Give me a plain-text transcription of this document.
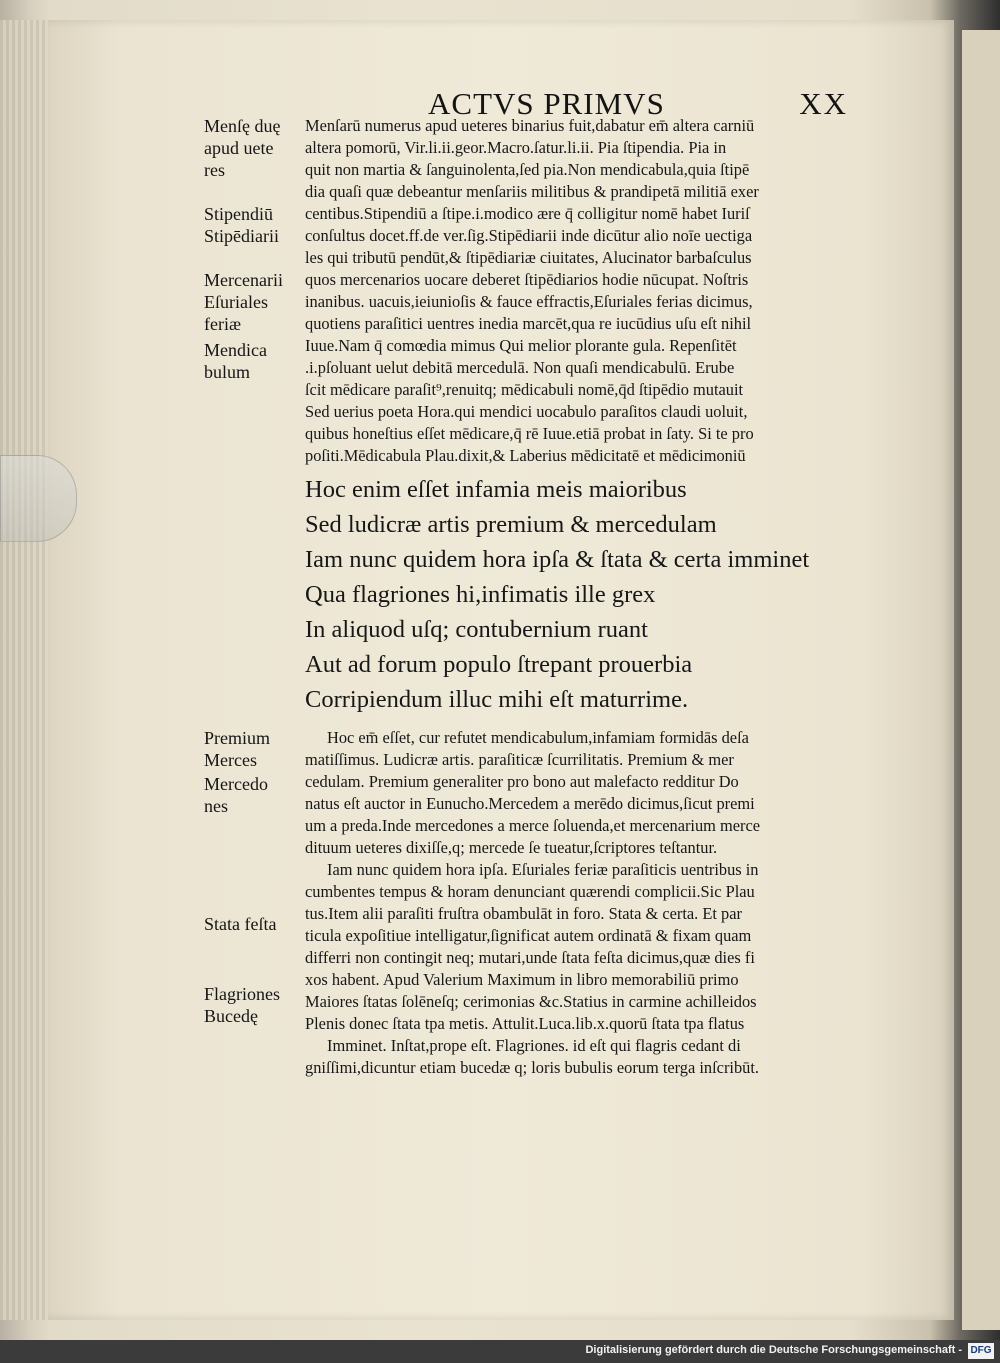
ACTVS PRIMVS	XX
Menſę duę
apud uete
res
Stipendiū
Stipēdiarii
Mercenarii
Eſuriales
feriæ
Mendica
bulum
Premium
Merces
Mercedo
nes
Stata feſta
Flagriones
Bucedę
Menſarū numerus apud ueteres binarius fuit,dabatur em̄ altera carniū
altera pomorū, Vir.li.ii.geor.Macro.ſatur.li.ii. Pia ſtipendia. Pia in
quit non martia & ſanguinolenta,ſed pia.Non mendicabula,quia ſtipē
dia quaſi quæ debeantur menſariis militibus & prandipetā militiā exer
centibus.Stipendiū a ſtipe.i.modico ære q̄ colligitur nomē habet Iuriſ
conſultus docet.ff.de ver.ſig.Stipēdiarii inde dicūtur alio noīe uectiga
les qui tributū pendūt,& ſtipēdiariæ ciuitates, Alucinator barbaſculus
quos mercenarios uocare deberet ſtipēdiarios hodie nūcupat. Noſtris
inanibus. uacuis,ieiunioſis & fauce effractis,Eſuriales ferias dicimus,
quotiens paraſitici uentres inedia marcēt,qua re iucūdius uſu eſt nihil
Iuue.Nam q̄ comœdia mimus Qui melior plorante gula. Repenſitēt
.i.pſoluant uelut debitā mercedulā. Non quaſi mendicabulū. Erube
ſcit mēdicare paraſit⁹,renuitq; mēdicabuli nomē,q̄d ſtipēdio mutauit
Sed uerius poeta Hora.qui mendici uocabulo paraſitos claudi uoluit,
quibus honeſtius eſſet mēdicare,q̄ rē Iuue.etiā probat in ſaty. Si te pro
poſiti.Mēdicabula Plau.dixit,& Laberius mēdicitatē et mēdicimoniū
Hoc enim eſſet infamia meis maioribus
Sed ludicræ artis premium & mercedulam
Iam nunc quidem hora ipſa & ſtata & certa imminet
Qua flagriones hi,infimatis ille grex
In aliquod uſq; contubernium ruant
Aut ad forum populo ſtrepant prouerbia
Corripiendum illuc mihi eſt maturrime.
Hoc em̄ eſſet, cur refutet mendicabulum,infamiam formidās deſa
matiſſimus. Ludicræ artis. paraſiticæ ſcurrilitatis. Premium & mer
cedulam. Premium generaliter pro bono aut malefacto redditur Do
natus eſt auctor in Eunucho.Mercedem a merēdo dicimus,ſicut premi
um a preda.Inde mercedones a merce ſoluenda,et mercenarium merce
dituum ueteres dixiſſe,q; mercede ſe tueatur,ſcriptores teſtantur.
Iam nunc quidem hora ipſa. Eſuriales feriæ paraſiticis uentribus in
cumbentes tempus & horam denunciant quærendi complicii.Sic Plau
tus.Item alii paraſiti fruſtra obambulāt in foro. Stata & certa. Et par
ticula expoſitiue intelligatur,ſignificat autem ordinatā & fixam quam
differri non contingit neq; mutari,unde ſtata feſta dicimus,quæ dies fi
xos habent. Apud Valerium Maximum in libro memorabiliū primo
Maiores ſtatas ſolēneſq; cerimonias &c.Statius in carmine achilleidos
Plenis donec ſtata tpa metis. Attulit.Luca.lib.x.quorū ſtata tpa flatus
Imminet. Inſtat,prope eſt. Flagriones. id eſt qui flagris cedant di
gniſſimi,dicuntur etiam bucedæ q; loris bubulis eorum terga inſcribūt.
Digitalisierung gefördert durch die Deutsche Forschungsgemeinschaft - DFG
